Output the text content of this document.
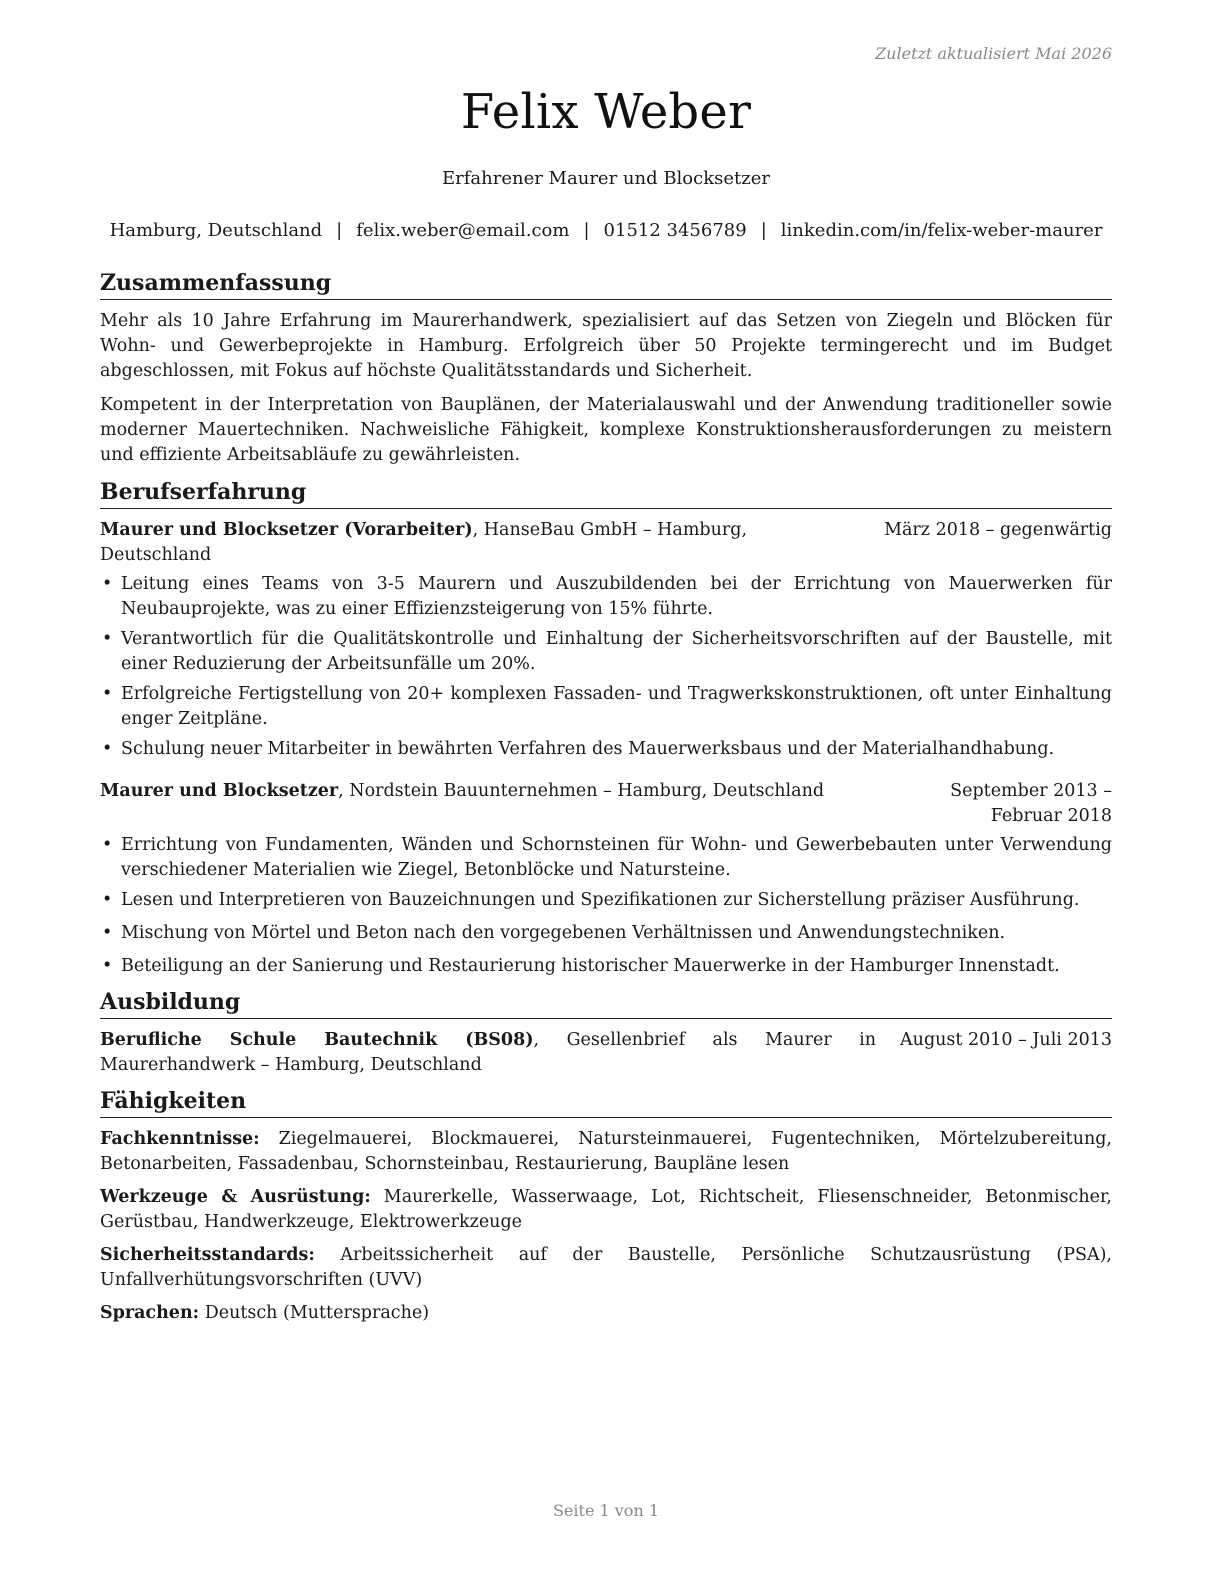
Zuletzt aktualisiert Mai 2026
Felix Weber
Erfahrener Maurer und Blocksetzer
Hamburg, Deutschland | felix.weber@email.com | 01512 3456789 | linkedin.com/in/felix-weber-maurer
Zusammenfassung

Mehr als 10 Jahre Erfahrung im Maurerhandwerk, spezialisiert auf das Setzen von Ziegeln und Blöcken für Wohn- und Gewerbeprojekte in Hamburg. Erfolgreich über 50 Projekte termingerecht und im Budget abgeschlossen, mit Fokus auf höchste Qualitätsstandards und Sicherheit.

Kompetent in der Interpretation von Bauplänen, der Materialauswahl und der Anwendung traditioneller sowie moderner Mauertechniken. Nachweisliche Fähigkeit, komplexe Konstruktionsherausforderungen zu meistern und effiziente Arbeitsabläufe zu gewährleisten.

Berufserfahrung
Maurer und Blocksetzer (Vorarbeiter), HanseBau GmbH – Hamburg, Deutschland
März 2018 – gegenwärtig
• Leitung eines Teams von 3-5 Maurern und Auszubildenden bei der Errichtung von Mauerwerken für Neubauprojekte, was zu einer Effizienzsteigerung von 15% führte.
• Verantwortlich für die Qualitätskontrolle und Einhaltung der Sicherheitsvorschriften auf der Baustelle, mit einer Reduzierung der Arbeitsunfälle um 20%.
• Erfolgreiche Fertigstellung von 20+ komplexen Fassaden- und Tragwerkskonstruktionen, oft unter Einhaltung enger Zeitpläne.
• Schulung neuer Mitarbeiter in bewährten Verfahren des Mauerwerksbaus und der Materialhandhabung.
Maurer und Blocksetzer, Nordstein Bauunternehmen – Hamburg, Deutschland	September 2013 – Februar 2018
• Errichtung von Fundamenten, Wänden und Schornsteinen für Wohn- und Gewerbebauten unter Verwendung verschiedener Materialien wie Ziegel, Betonblöcke und Natursteine.
• Lesen und Interpretieren von Bauzeichnungen und Spezifikationen zur Sicherstellung präziser Ausführung.
• Mischung von Mörtel und Beton nach den vorgegebenen Verhältnissen und Anwendungstechniken.
• Beteiligung an der Sanierung und Restaurierung historischer Mauerwerke in der Hamburger Innenstadt.
Ausbildung
Berufliche Schule Bautechnik (BS08), Gesellenbrief als Maurer in Maurerhandwerk – Hamburg, Deutschland
August 2010 – Juli 2013
Fähigkeiten

Fachkenntnisse: Ziegelmauerei, Blockmauerei, Natursteinmauerei, Fugentechniken, Mörtelzubereitung, Betonarbeiten, Fassadenbau, Schornsteinbau, Restaurierung, Baupläne lesen

Werkzeuge & Ausrüstung: Maurerkelle, Wasserwaage, Lot, Richtscheit, Fliesenschneider, Betonmischer, Gerüstbau, Handwerkzeuge, Elektrowerkzeuge

Sicherheitsstandards: Arbeitssicherheit auf der Baustelle, Persönliche Schutzausrüstung (PSA), Unfallverhütungsvorschriften (UVV)

Sprachen: Deutsch (Muttersprache)

Seite 1 von 1
